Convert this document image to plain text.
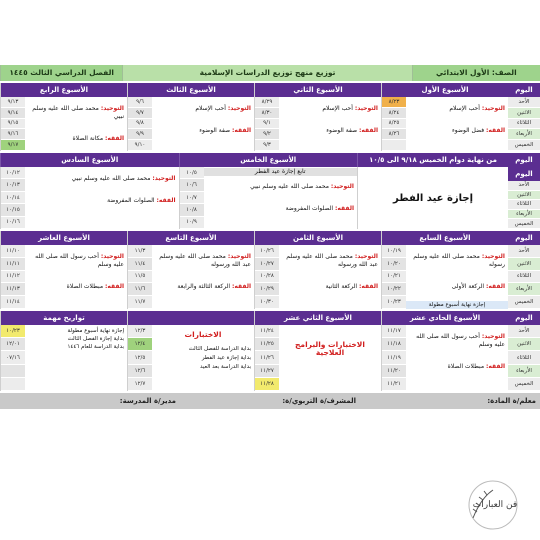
الصف: الأول الابتدائي
توزيع منهج توزيع الدراسات الإسلامية
الفصل الدراسي الثالث ١٤٤٥
اليوم
الأحد
الاثنين
الثلاثاء
الأربعاء
الخميس
الأسبوع الأول
التوحيد: أحب الإسلام
الفقه: فضل الوضوء
٨/٢٣
٨/٢٤
٨/٢٥
٨/٢٦
الأسبوع الثاني
التوحيد: أحب الإسلام
الفقه: صفة الوضوء
٨/٢٩
٨/٣٠
٩/١
٩/٢
٩/٣
الأسبوع الثالث
التوحيد: أحب الإسلام
الفقه: صفة الوضوء
٩/٦
٩/٧
٩/٨
٩/٩
٩/١٠
الأسبوع الرابع
التوحيد: محمد صلى الله عليه وسلم نبيي
الفقه: مكانة الصلاة
٩/١٣
٩/١٤
٩/١٥
٩/١٦
٩/١٧
اليوم
من نهاية دوام الخميس ٩/١٨ الى ١٠/٥
الأسبوع الخامس
الأسبوع السادس
اليوم
الأحد
الاثنين
الثلاثاء
الأربعاء
الخميس
إجازة عيد الفطر
التوحيد: محمد صلى الله عليه وسلم نبيي
الفقه: الصلوات المفروضة
تابع إجازة عيد الفطر
١٠/٥
١٠/٦
١٠/٧
١٠/٨
١٠/٩
التوحيد: محمد صلى الله عليه وسلم نبيي
الفقه: الصلوات المفروضة
١٠/١٢
١٠/١٣
١٠/١٤
١٠/١٥
١٠/١٦
اليوم
الأحد
الاثنين
الثلاثاء
الأربعاء
الخميس
الأسبوع السابع
التوحيد: محمد صلى الله عليه وسلم رسوله
الفقه: الركعة الأولى
إجازة نهاية أسبوع مطولة
١٠/١٩
١٠/٢٠
١٠/٢١
١٠/٢٢
١٠/٢٣
الأسبوع الثامن
التوحيد: محمد صلى الله عليه وسلم عبد الله ورسوله
الفقه: الركعة الثانية
١٠/٢٦
١٠/٢٧
١٠/٢٨
١٠/٢٩
١٠/٣٠
الأسبوع التاسع
التوحيد: محمد صلى الله عليه وسلم عبد الله ورسوله
الفقه: الركعة الثالثة والرابعة
١١/٣
١١/٤
١١/٥
١١/٦
١١/٧
الأسبوع العاشر
التوحيد: أحب رسول الله صلى الله عليه وسلم
الفقه: مبطلات الصلاة
١١/١٠
١١/١١
١١/١٢
١١/١٣
١١/١٤
اليوم
الأحد
الاثنين
الثلاثاء
الأربعاء
الخميس
الأسبوع الحادي عشر
التوحيد: أحب رسول الله صلى الله عليه وسلم
الفقه: مبطلات الصلاة
١١/١٧
١١/١٨
١١/١٩
١١/٢٠
١١/٢١
الأسبوع الثاني عشر
الاختبارات والبرامج العلاجية
١١/٢٤
١١/٢٥
١١/٢٦
١١/٢٧
١١/٢٨
الاختبارات
بداية الدراسة للفصل الثالث
بداية إجازة عيد الفطر
بداية الدراسة بعد العيد
١٢/٣
١٢/٤
١٢/٥
١٢/٦
١٢/٧
تواريخ مهمة
إجازة نهاية أسبوع مطولة
بداية إجازة الفصل الثالث
بداية الدراسة للعام ١٤٤٦
١٠/٢٣
١٢/٠١
٠٧/١٦
معلم/ة المادة:
المشرف/ة التربوي/ة:
مدير/ة المدرسة:
فن العبارات
